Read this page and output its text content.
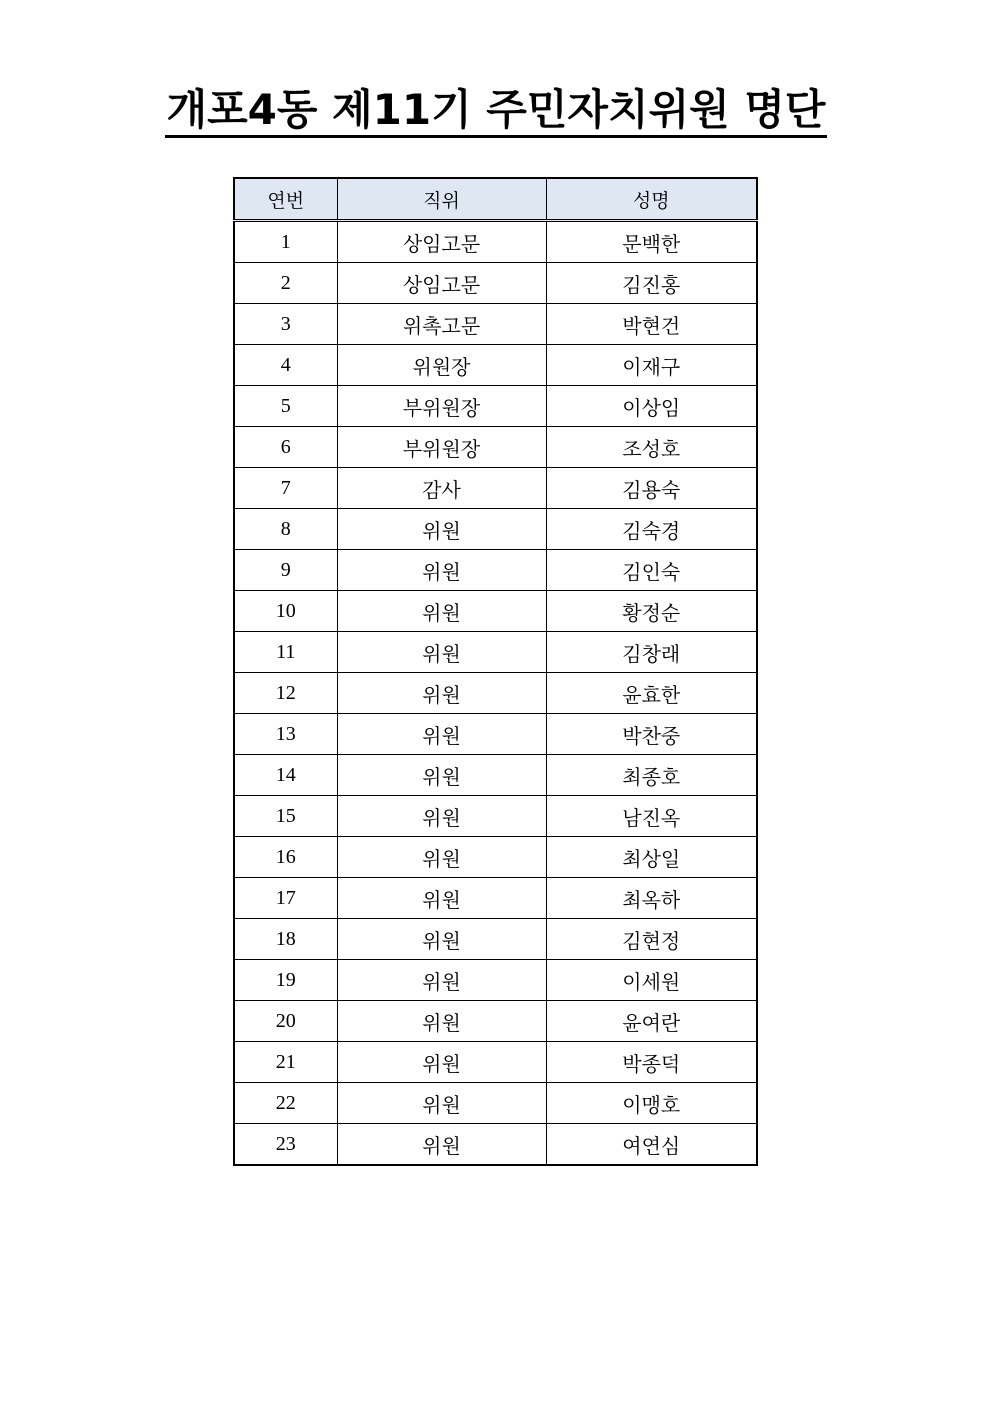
개포4동 제11기 주민자치위원 명단
연번	직위	성명
1	상임고문	문백한
2	상임고문	김진홍
3	위촉고문	박현건
4	위원장	이재구
5	부위원장	이상임
6	부위원장	조성호
7	감사	김용숙
8	위원	김숙경
9	위원	김인숙
10	위원	황정순
11	위원	김창래
12	위원	윤효한
13	위원	박찬중
14	위원	최종호
15	위원	남진옥
16	위원	최상일
17	위원	최옥하
18	위원	김현정
19	위원	이세원
20	위원	윤여란
21	위원	박종덕
22	위원	이맹호
23	위원	여연심
